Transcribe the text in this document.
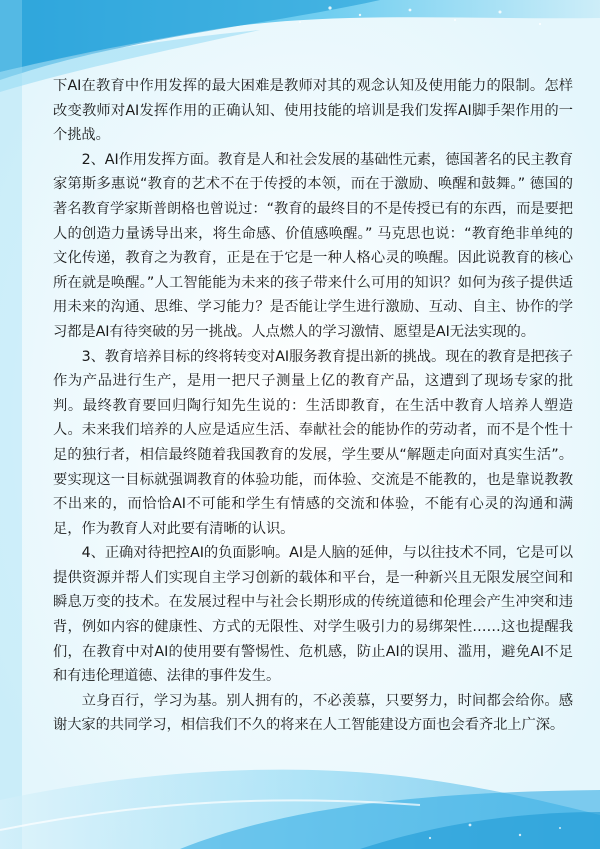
下AI在教育中作用发挥的最大困难是教师对其的观念认知及使用能力的限制。怎样改变教师对AI发挥作用的正确认知、使用技能的培训是我们发挥AI脚手架作用的一个挑战。

2、AI作用发挥方面。教育是人和社会发展的基础性元素，德国著名的民主教育家第斯多惠说“教育的艺术不在于传授的本领，而在于激励、唤醒和鼓舞。” 德国的著名教育学家斯普朗格也曾说过：“教育的最终目的不是传授已有的东西，而是要把人的创造力量诱导出来，将生命感、价值感唤醒。” 马克思也说：“教育绝非单纯的文化传递，教育之为教育，正是在于它是一种人格心灵的唤醒。因此说教育的核心所在就是唤醒。”人工智能能为未来的孩子带来什么可用的知识？如何为孩子提供适用未来的沟通、思维、学习能力？是否能让学生进行激励、互动、自主、协作的学习都是AI有待突破的另一挑战。人点燃人的学习激情、愿望是AI无法实现的。

3、教育培养目标的终将转变对AI服务教育提出新的挑战。现在的教育是把孩子作为产品进行生产，是用一把尺子测量上亿的教育产品，这遭到了现场专家的批判。最终教育要回归陶行知先生说的：生活即教育，在生活中教育人培养人塑造人。未来我们培养的人应是适应生活、奉献社会的能协作的劳动者，而不是个性十足的独行者，相信最终随着我国教育的发展，学生要从“解题走向面对真实生活”。要实现这一目标就强调教育的体验功能，而体验、交流是不能教的，也是靠说教教不出来的，而恰恰AI不可能和学生有情感的交流和体验，不能有心灵的沟通和满足，作为教育人对此要有清晰的认识。

4、正确对待把控AI的负面影响。AI是人脑的延伸，与以往技术不同，它是可以提供资源并帮人们实现自主学习创新的载体和平台，是一种新兴且无限发展空间和瞬息万变的技术。在发展过程中与社会长期形成的传统道德和伦理会产生冲突和违背，例如内容的健康性、方式的无限性、对学生吸引力的易绑架性……这也提醒我们，在教育中对AI的使用要有警惕性、危机感，防止AI的误用、滥用，避免AI不足和有违伦理道德、法律的事件发生。

立身百行，学习为基。别人拥有的，不必羡慕，只要努力，时间都会给你。感谢大家的共同学习，相信我们不久的将来在人工智能建设方面也会看齐北上广深。
